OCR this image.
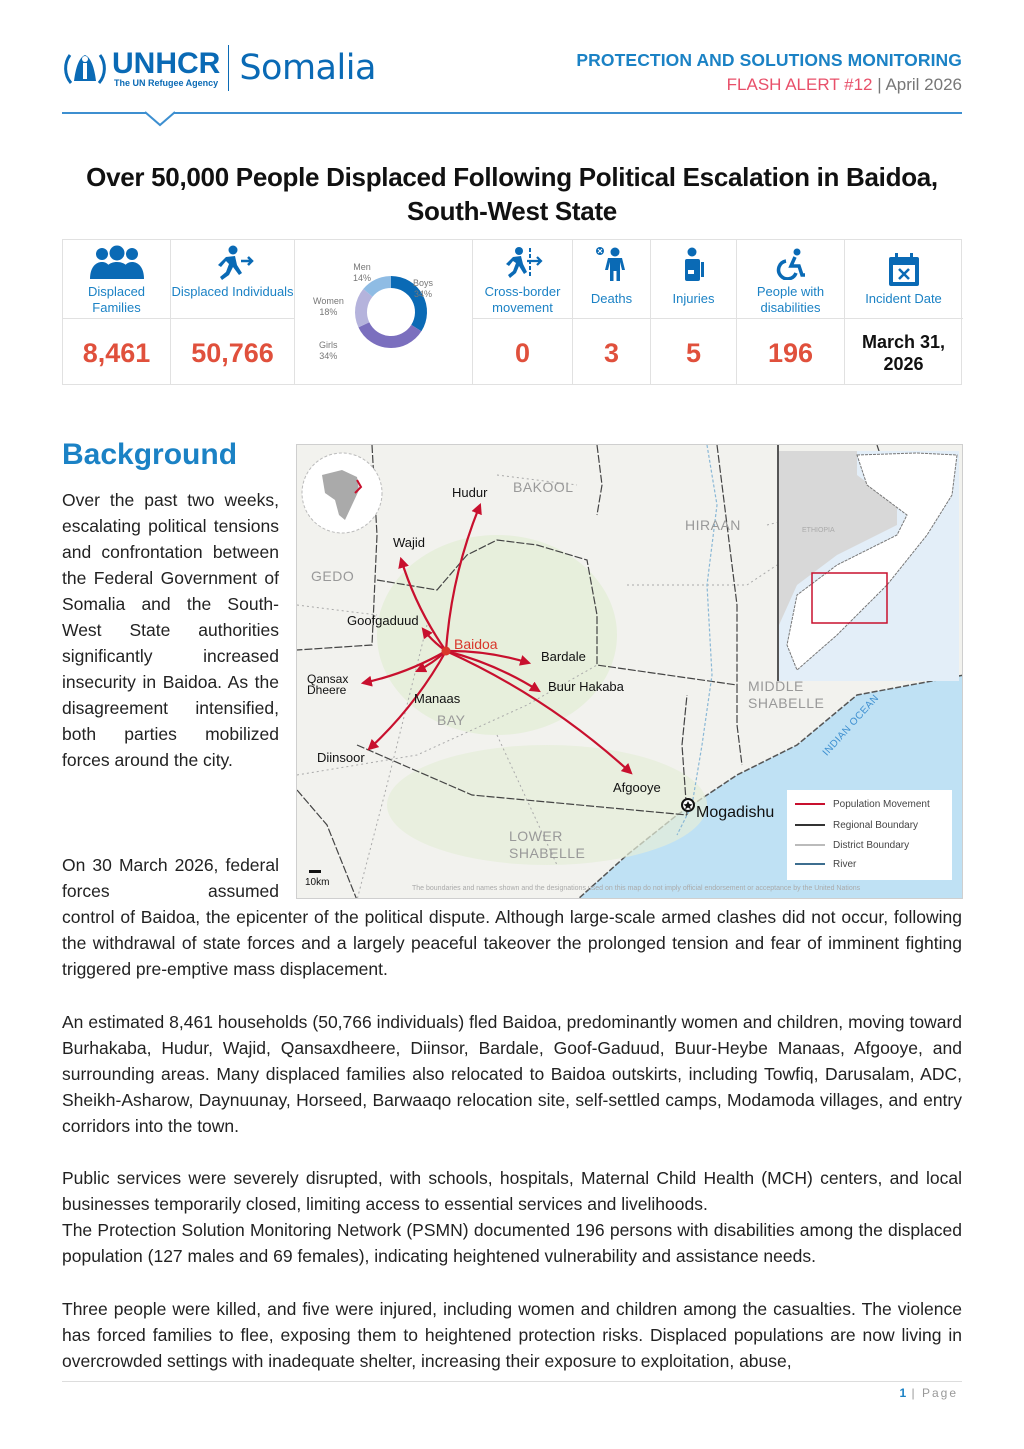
UNHCR
The UN Refugee Agency Somalia	PROTECTION AND SOLUTIONS MONITORING
FLASH ALERT #12 | April 2026
Over 50,000 People Displaced Following Political Escalation in Baidoa, South-West State
Displaced Families
8,461
Displaced Individuals
50,766
Boys
34%
Girls
34%
Women
18%
Men
14%
Cross-border movement
0
Deaths
3
Injuries
5
People with disabilities
196
Incident Date
March 31,
2026
Background
Over the past two weeks, escalating political tensions and confrontation between the Federal Government of Somalia and the South-West State authorities significantly increased insecurity in Baidoa. As the disagreement intensified, both parties mobilized forces around the city.
On 30 March 2026, federal forces assumed
control of Baidoa, the epicenter of the political dispute. Although large-scale armed clashes did not occur, following the withdrawal of state forces and a largely peaceful takeover the prolonged tension and fear of imminent fighting triggered pre-emptive mass displacement.
An estimated 8,461 households (50,766 individuals) fled Baidoa, predominantly women and children, moving toward Burhakaba, Hudur, Wajid, Qansaxdheere, Diinsor, Bardale, Goof-Gaduud, Buur-Heybe Manaas, Afgooye, and surrounding areas. Many displaced families also relocated to Baidoa outskirts, including Towfiq, Darusalam, ADC, Sheikh-Asharow, Daynuunay, Horseed, Barwaaqo relocation site, self-settled camps, Modamoda villages, and entry corridors into the town.
Public services were severely disrupted, with schools, hospitals, Maternal Child Health (MCH) centers, and local businesses temporarily closed, limiting access to essential services and livelihoods.
The Protection Solution Monitoring Network (PSMN) documented 196 persons with disabilities among the displaced population (127 males and 69 females), indicating heightened vulnerability and assistance needs.
Three people were killed, and five were injured, including women and children among the casualties. The violence has forced families to flee, exposing them to heightened protection risks. Displaced populations are now living in overcrowded settings with inadequate shelter, increasing their exposure to exploitation, abuse,
BAKOOL
GEDO
HIRAAN
BAY
MIDDLE SHABELLE
LOWER SHABELLE
INDIAN OCEAN
ETHIOPIA
Baidoa
Hudur
Wajid
Goofgaduud
Bardale
Buur Hakaba
Qansax Dheere
Manaas
Diinsoor
Afgooye
Mogadishu
10km
The boundaries and names shown and the designations used on this map do not imply official endorsement or acceptance by the United Nations
Population Movement
Regional Boundary
District Boundary
River
1 | Page
